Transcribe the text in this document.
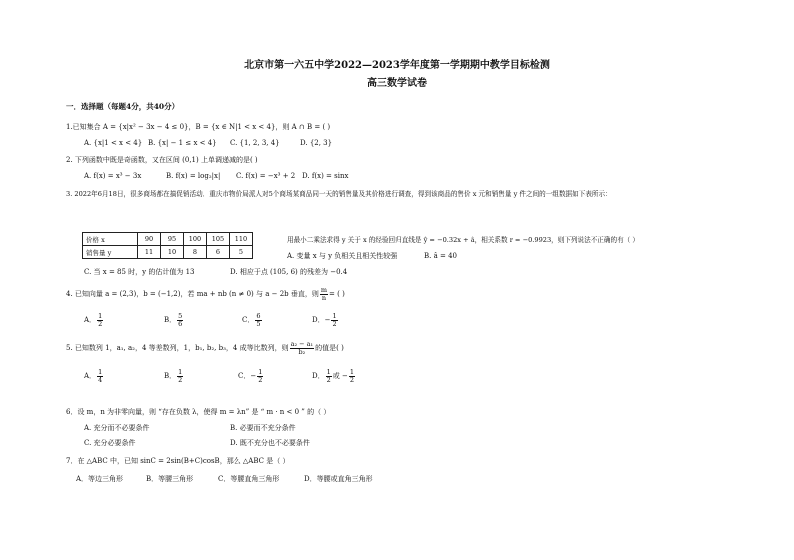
北京市第一六五中学2022—2023学年度第一学期期中教学目标检测
高三数学试卷
一．选择题（每题4分，共40分）
1.已知集合 A = {x|x² − 3x − 4 ≤ 0}，B = {x ∈ N|1 < x < 4}，则 A ∩ B = ( )
A. {x|1 < x < 4} B. {x| − 1 ≤ x < 4} C. {1, 2, 3, 4}	D. {2, 3}
2. 下列函数中既是奇函数，又在区间 (0,1) 上单调递减的是( )
A. f(x) = x³ − 3x	B. f(x) = log₂|x| C. f(x) = −x³ + 2 D. f(x) = sinx
3. 2022年6月18日，很多商场都在搞促销活动．重庆市物价局派人对5个商场某商品同一天的销售量及其价格进行调查，得到该商品的售价 x 元和销售量 y 件之间的一组数据如下表所示：
价格 x	90	95	100	105	110
销售量 y	11	10	8	6	5
用最小二乘法求得 y 关于 x 的经验回归直线是 ŷ = −0.32x + â，相关系数 r = −0.9923，则下列说法不正确的有（ ）
A. 变量 x 与 y 负相关且相关性较强	B. â = 40
C. 当 x = 85 时，y 的估计值为 13	D. 相应于点 (105, 6) 的残差为 −0.4
4. 已知向量 a = (2,3)，b = (−1,2)，若 ma + nb (n ≠ 0) 与 a − 2b 垂直，则 $\frac{m}{n}$ = ( )
A． $\frac{1}{2}$	B． $\frac{5}{6}$	C． $\frac{6}{5}$	D．− $\frac{1}{2}$
5. 已知数列 1，a₁, a₂，4 等差数列，1，b₁, b₂, b₃，4 成等比数列，则 $\frac{\text{a₂ − a₁}}{\text{b₂}}$ 的值是( )
A． $\frac{1}{4}$	B． $\frac{1}{2}$	C．− $\frac{1}{2}$	D． $\frac{1}{2}$ 或 − $\frac{1}{2}$
6．设 m，n 为非零向量，则 “存在负数 λ，使得 m = λn” 是 “ m · n < 0 ” 的（ ）
A. 充分而不必要条件	B. 必要而不充分条件
C. 充分必要条件	D. 既不充分也不必要条件
7．在 △ABC 中，已知 sinC = 2sin(B+C)cosB，那么 △ABC 是（ ）
A．等边三角形	B．等腰三角形	C．等腰直角三角形	D．等腰或直角三角形
